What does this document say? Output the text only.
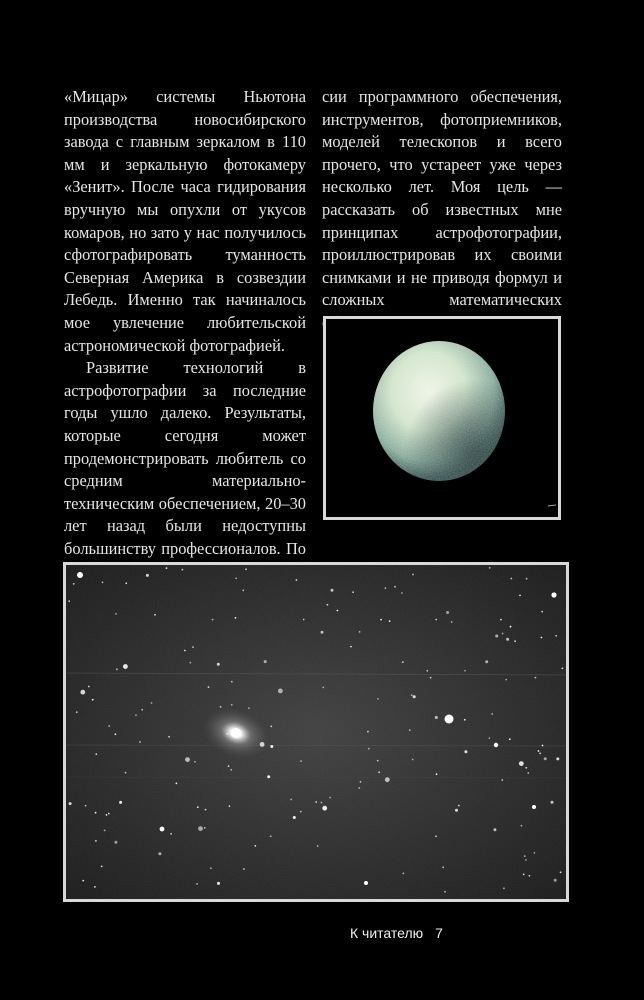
«Мицар» системы Ньютона производства новосибирского завода с главным зеркалом в 110 мм и зеркальную фотокамеру «Зенит». После часа гидирования вручную мы опухли от укусов комаров, но зато у нас получилось сфотографировать туманность Северная Америка в созвездии Лебедь. Именно так начиналось мое увлечение любительской астрономической фотографией.

Развитие технологий в астрофотографии за последние годы ушло далеко. Результаты, которые сегодня может продемонстрировать любитель со средним материально-техническим обеспечением, 20–30 лет назад были недоступны большинству профессионалов. По

сии программного обеспечения, инструментов, фотоприемников, моделей телескопов и всего прочего, что устареет уже через несколько лет. Моя цель — рассказать об известных мне принципах астрофотографии, проиллюстрировав их своими снимками и не приводя формул и сложных математических

К читателю 7
